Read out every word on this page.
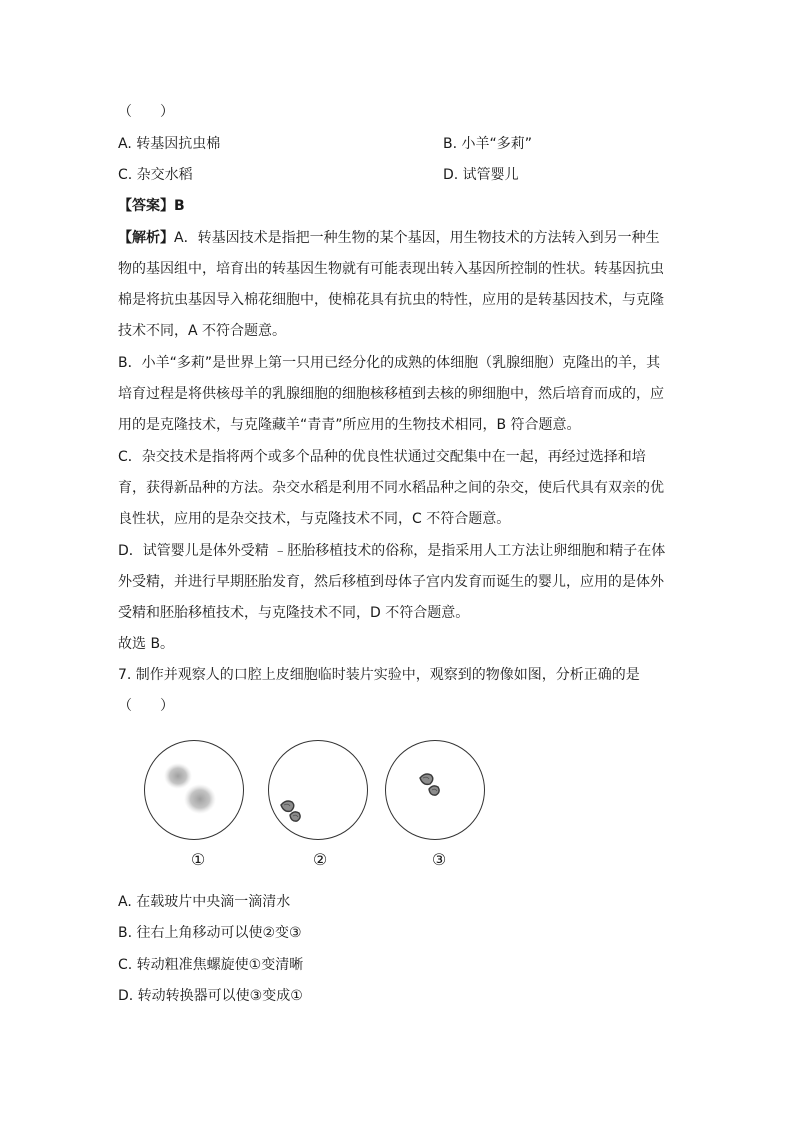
（　　）
A. 转基因抗虫棉	B. 小羊“多莉”
C. 杂交水稻	D. 试管婴儿
【答案】B
【解析】A．转基因技术是指把一种生物的某个基因，用生物技术的方法转入到另一种生
物的基因组中，培育出的转基因生物就有可能表现出转入基因所控制的性状。转基因抗虫
棉是将抗虫基因导入棉花细胞中，使棉花具有抗虫的特性，应用的是转基因技术，与克隆
技术不同，A 不符合题意。
B．小羊“多莉”是世界上第一只用已经分化的成熟的体细胞（乳腺细胞）克隆出的羊，其
培育过程是将供核母羊的乳腺细胞的细胞核移植到去核的卵细胞中，然后培育而成的，应
用的是克隆技术，与克隆藏羊“青青”所应用的生物技术相同，B 符合题意。
C．杂交技术是指将两个或多个品种的优良性状通过交配集中在一起，再经过选择和培
育，获得新品种的方法。杂交水稻是利用不同水稻品种之间的杂交，使后代具有双亲的优
良性状，应用的是杂交技术，与克隆技术不同，C 不符合题意。
D．试管婴儿是体外受精 ﹣胚胎移植技术的俗称，是指采用人工方法让卵细胞和精子在体
外受精，并进行早期胚胎发育，然后移植到母体子宫内发育而诞生的婴儿，应用的是体外
受精和胚胎移植技术，与克隆技术不同，D 不符合题意。
故选 B。
7. 制作并观察人的口腔上皮细胞临时装片实验中，观察到的物像如图，分析正确的是
（　　）
①	②	③
A. 在载玻片中央滴一滴清水
B. 往右上角移动可以使②变③
C. 转动粗准焦螺旋使①变清晰
D. 转动转换器可以使③变成①
